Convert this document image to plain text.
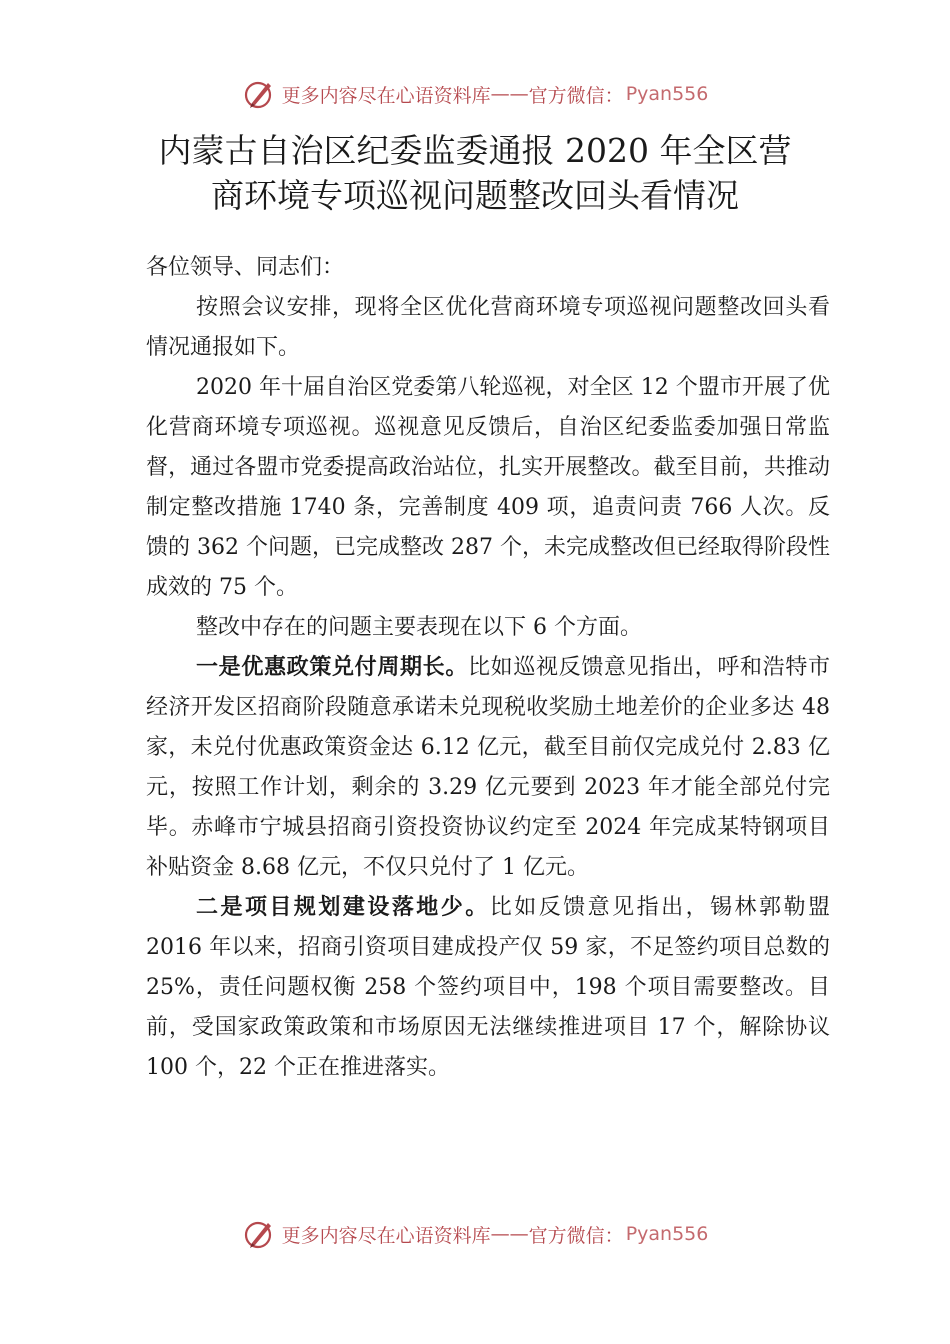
更多内容尽在心语资料库 —— 官方微信： Pyan556
内蒙古自治区纪委监委通报 2020 年全区营
商环境专项巡视问题整改回头看情况

各位领导、同志们：

按照会议安排，现将全区优化营商环境专项巡视问题整改回头看情况通报如下。

2020 年十届自治区党委第八轮巡视，对全区 12 个盟市开展了优化营商环境专项巡视。巡视意见反馈后，自治区纪委监委加强日常监督，通过各盟市党委提高政治站位，扎实开展整改。截至目前，共推动制定整改措施 1740 条，完善制度 409 项，追责问责 766 人次。反馈的 362 个问题，已完成整改 287 个，未完成整改但已经取得阶段性成效的 75 个。

整改中存在的问题主要表现在以下 6 个方面。

一是优惠政策兑付周期长。比如巡视反馈意见指出，呼和浩特市经济开发区招商阶段随意承诺未兑现税收奖励土地差价的企业多达 48 家，未兑付优惠政策资金达 6.12 亿元，截至目前仅完成兑付 2.83 亿元，按照工作计划，剩余的 3.29 亿元要到 2023 年才能全部兑付完毕。赤峰市宁城县招商引资投资协议约定至 2024 年完成某特钢项目补贴资金 8.68 亿元，不仅只兑付了 1 亿元。

二是项目规划建设落地少。比如反馈意见指出，锡林郭勒盟 2016 年以来，招商引资项目建成投产仅 59 家，不足签约项目总数的 25%，责任问题权衡 258 个签约项目中，198 个项目需要整改。目前，受国家政策政策和市场原因无法继续推进项目 17 个，解除协议 100 个，22 个正在推进落实。

更多内容尽在心语资料库 —— 官方微信： Pyan556
